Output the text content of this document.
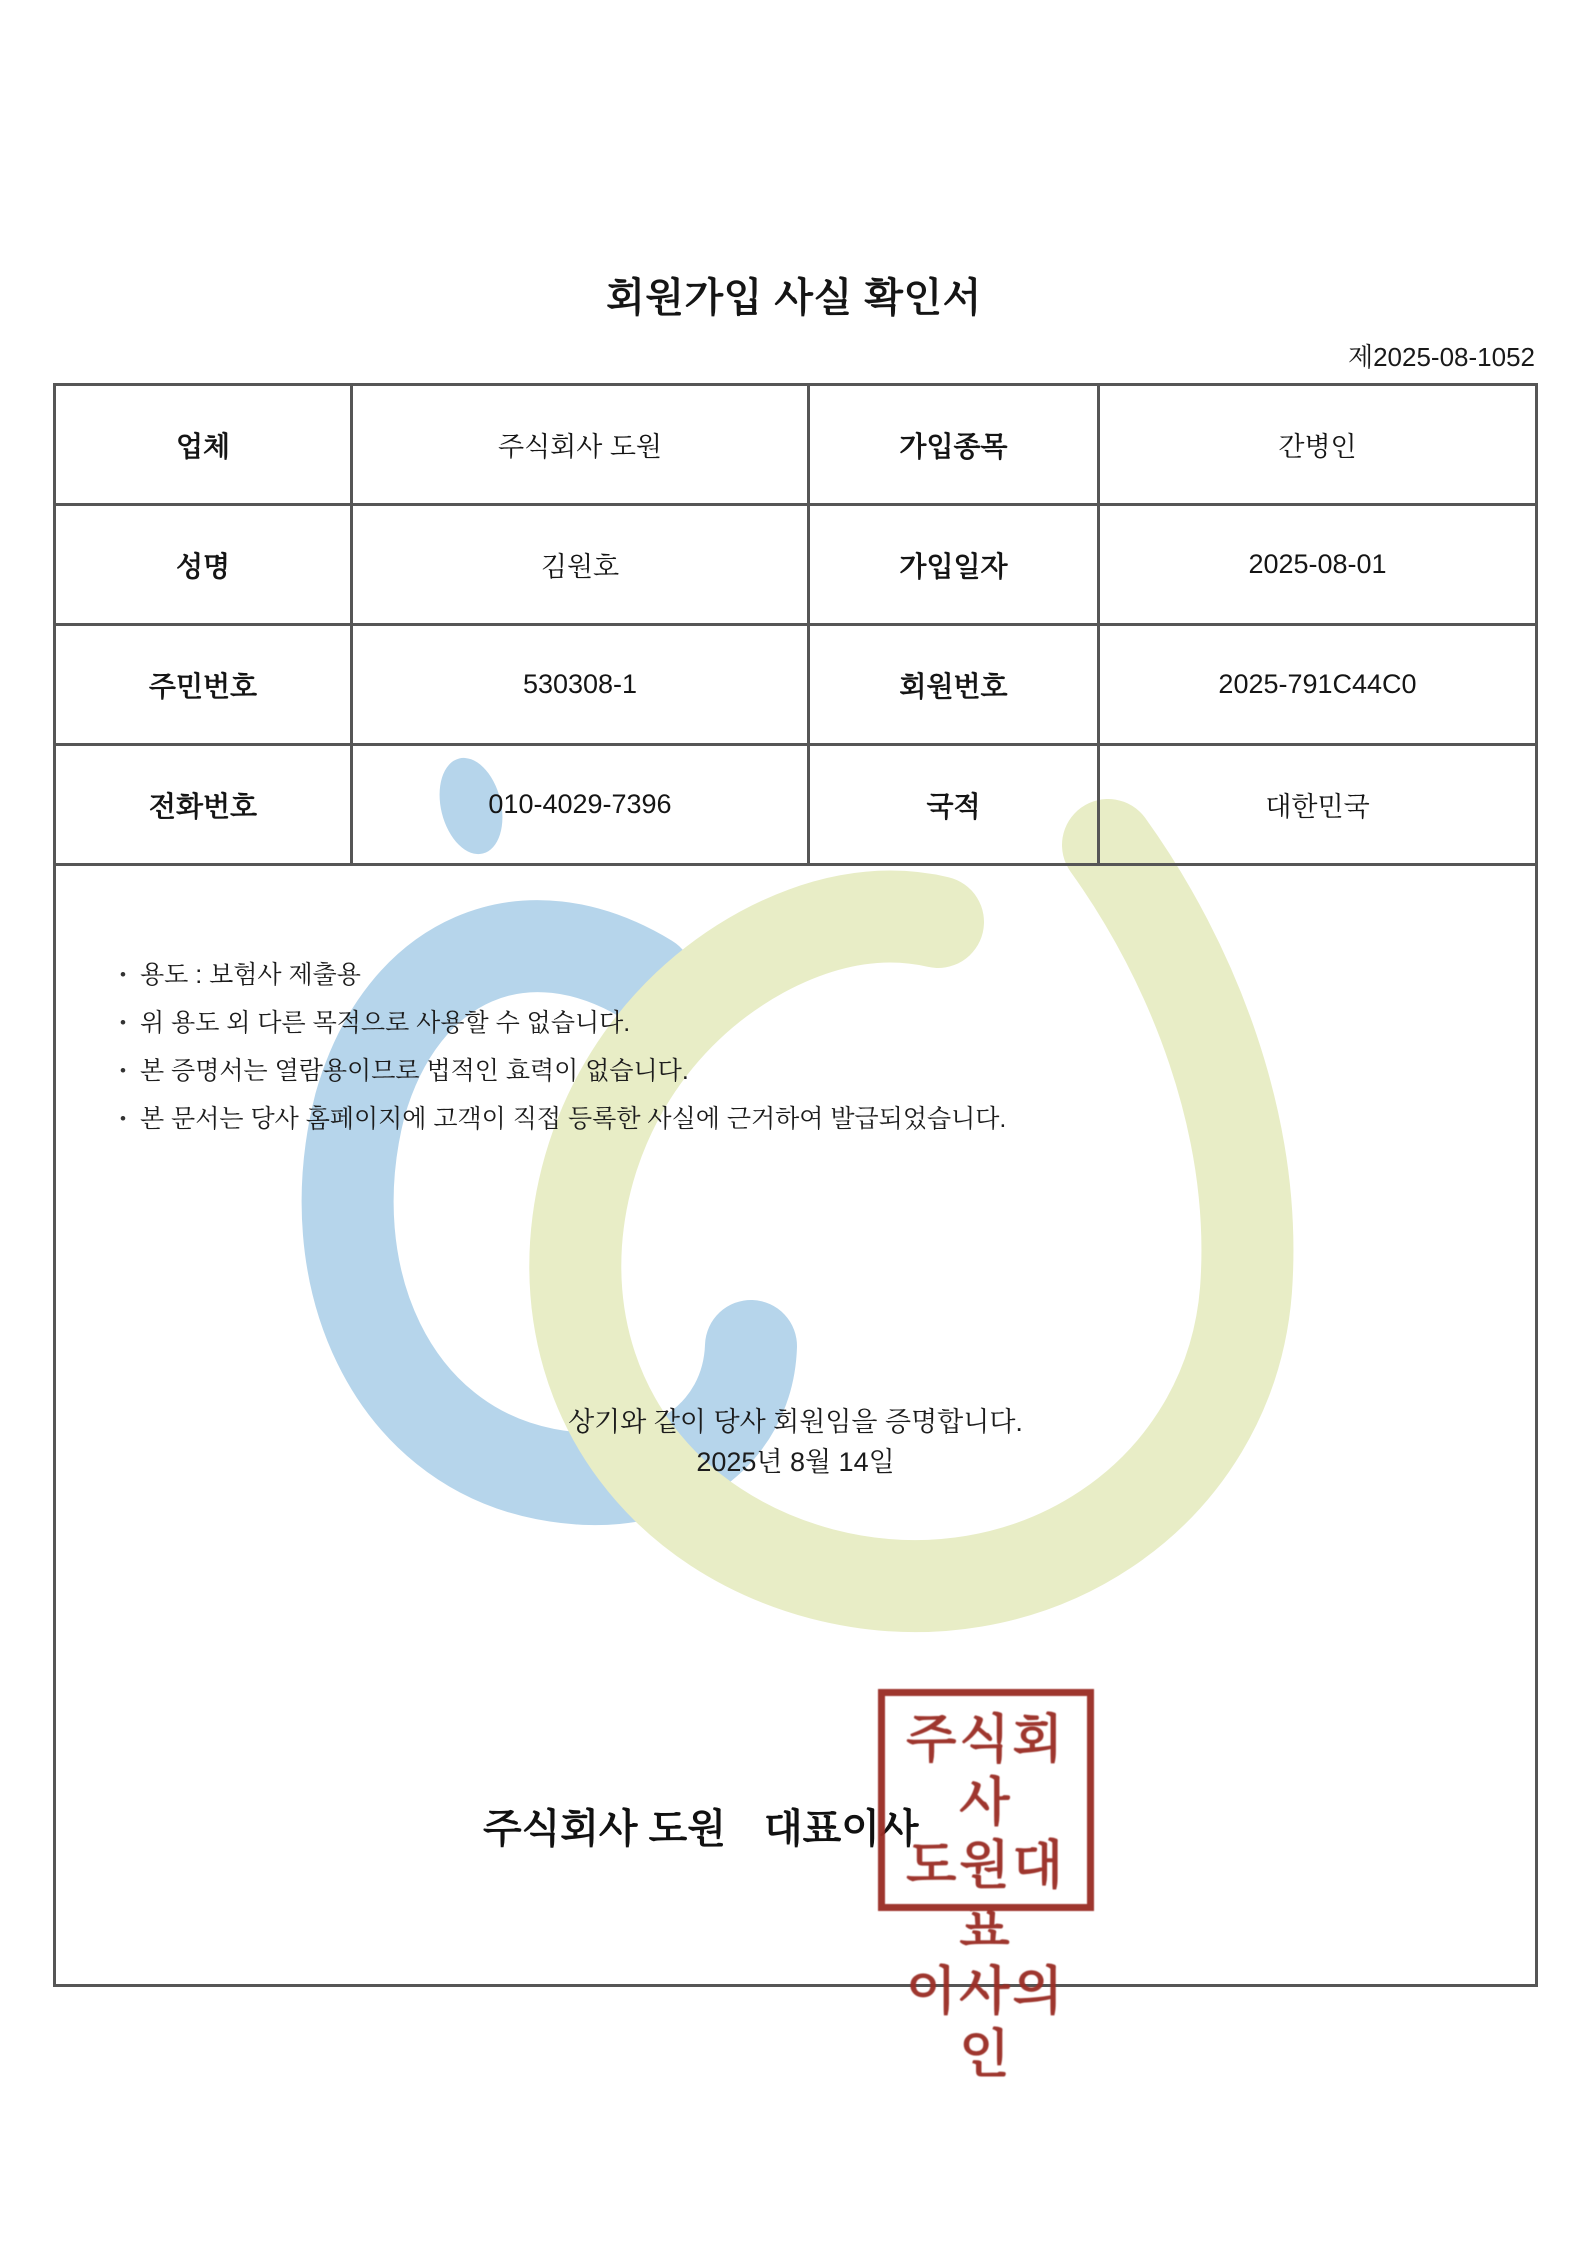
회원가입 사실 확인서
제2025-08-1052
업체	주식회사 도원	가입종목	간병인
성명	김원호	가입일자	2025-08-01
주민번호	530308-1	회원번호	2025-791C44C0
전화번호	010-4029-7396	국적	대한민국

• 용도 : 보험사 제출용
• 위 용도 외 다른 목적으로 사용할 수 없습니다.
• 본 증명서는 열람용이므로 법적인 효력이 없습니다.
• 본 문서는 당사 홈페이지에 고객이 직접 등록한 사실에 근거하여 발급되었습니다.
상기와 같이 당사 회원임을 증명합니다.
2025년 8월 14일
주식회사 도원 대표이사
주식회사
도원대표
이사의인
